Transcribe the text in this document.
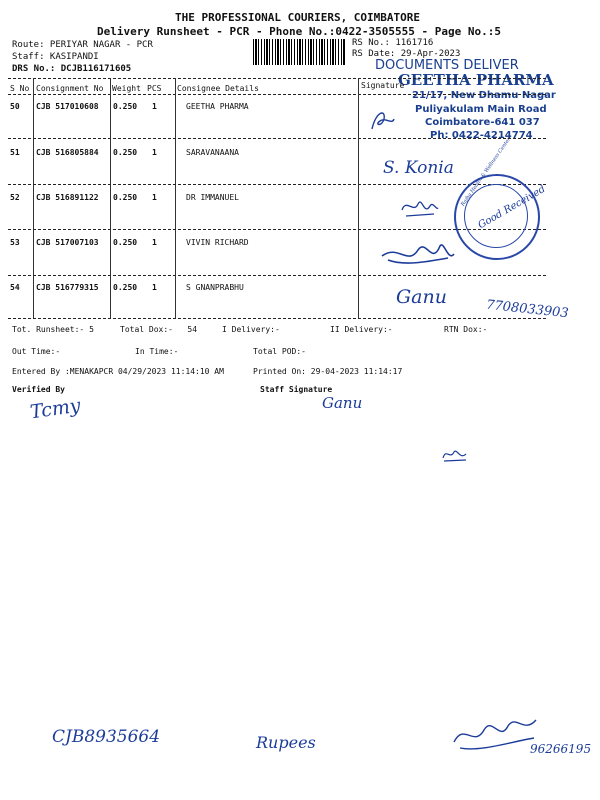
THE PROFESSIONAL COURIERS, COIMBATORE
Delivery Runsheet - PCR - Phone No.:0422-3505555 - Page No.:5
Route: PERIYAR NAGAR - PCR
Staff: KASIPANDI
DRS No.: DCJB116171605
RS No.: 1161716
RS Date: 29-Apr-2023
DOCUMENTS DELIVER
GEETHA PHARMA
21/17, New Dhamu Nagar
Puliyakulam Main Road
Coimbatore-641 037
Ph: 0422-4214774
S No Consignment No Weight PCS Consignee Details	Signature
50 CJB 517010608 0.250 1	GEETHA PHARMA
51 CJB 516805884 0.250 1	SARAVANAANA
52 CJB 516891122 0.250 1	DR IMMANUEL
53 CJB 517007103 0.250 1	VIVIN RICHARD
54 CJB 516779315 0.250 1	S GNANPRABHU
S. Konia Rajha Health & Wellness Center
Good Received
Ganu
7708033903
Tot. Runsheet:- 5	Total Dox:-   54	I Delivery:-	II Delivery:-	RTN Dox:-
Out Time:-	In Time:-	Total POD:-
Entered By :MENAKAPCR 04/29/2023 11:14:10 AM	Printed On: 29-04-2023 11:14:17
Verified By	Staff Signature
Tcmy	Ganu
CJB8935664	Rupees	96266195
